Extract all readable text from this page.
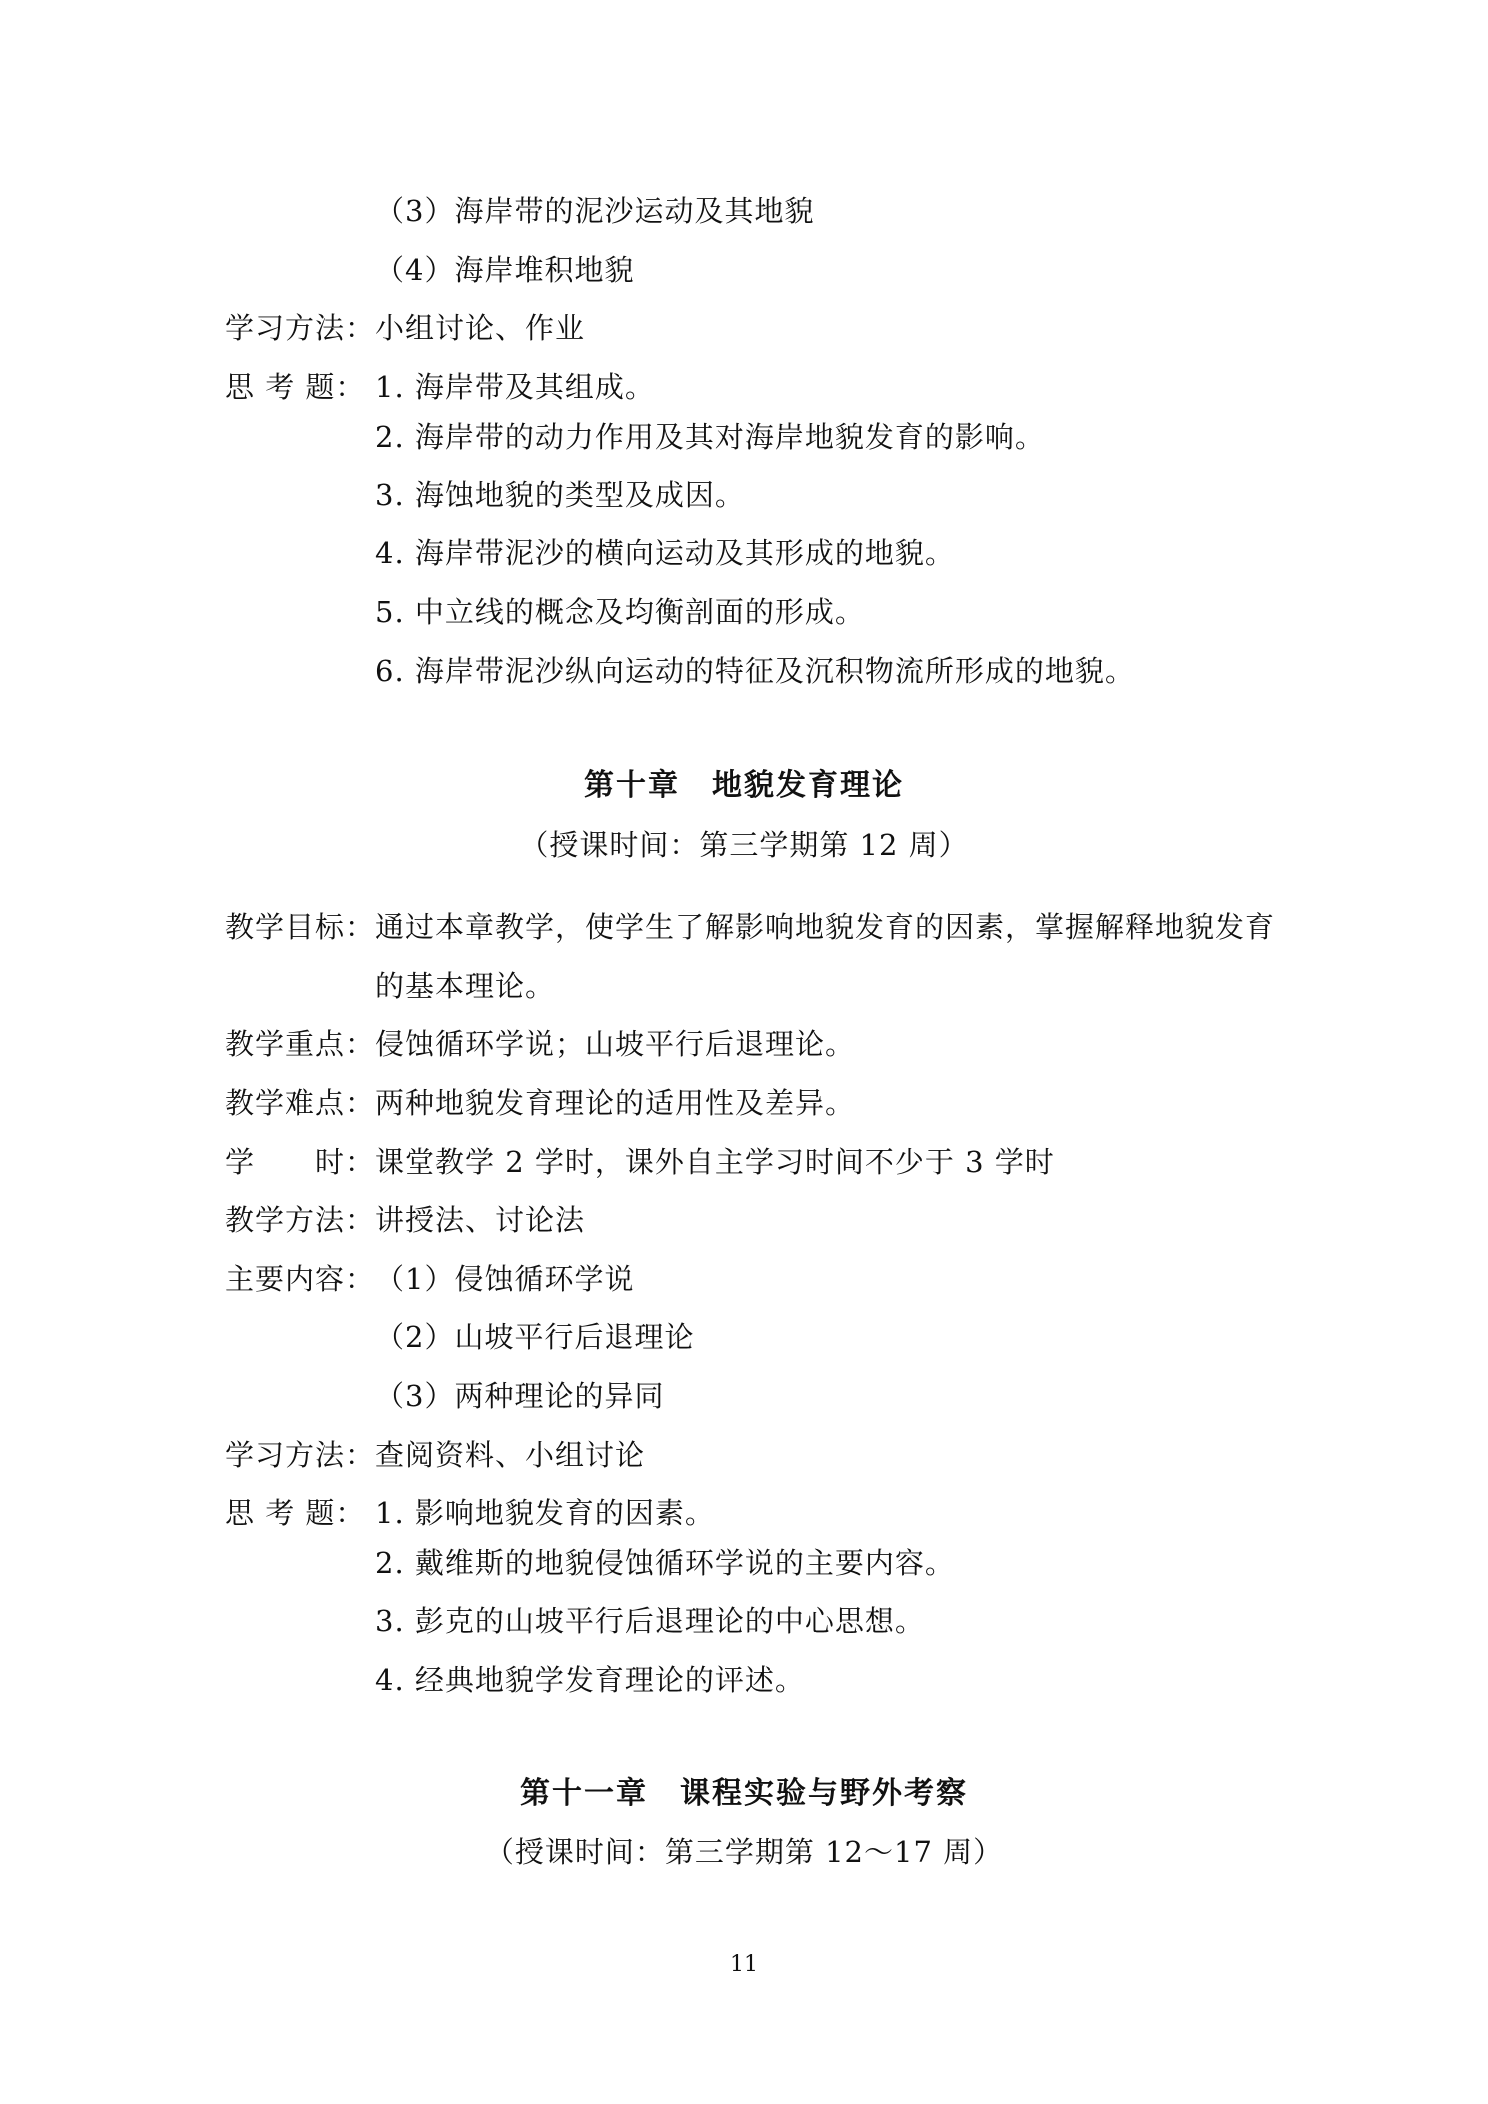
（3）海岸带的泥沙运动及其地貌
（4）海岸堆积地貌
学习方法：小组讨论、作业
思 考 题： 1. 海岸带及其组成。
2. 海岸带的动力作用及其对海岸地貌发育的影响。
3. 海蚀地貌的类型及成因。
4. 海岸带泥沙的横向运动及其形成的地貌。
5. 中立线的概念及均衡剖面的形成。
6. 海岸带泥沙纵向运动的特征及沉积物流所形成的地貌。
第十章　地貌发育理论
（授课时间：第三学期第 12 周）
教学目标：通过本章教学，使学生了解影响地貌发育的因素，掌握解释地貌发育
的基本理论。
教学重点：侵蚀循环学说；山坡平行后退理论。
教学难点：两种地貌发育理论的适用性及差异。
学　　时：课堂教学 2 学时，课外自主学习时间不少于 3 学时
教学方法：讲授法、讨论法
主要内容：（1）侵蚀循环学说
（2）山坡平行后退理论
（3）两种理论的异同
学习方法：查阅资料、小组讨论
思 考 题： 1. 影响地貌发育的因素。
2. 戴维斯的地貌侵蚀循环学说的主要内容。
3. 彭克的山坡平行后退理论的中心思想。
4. 经典地貌学发育理论的评述。
第十一章　课程实验与野外考察
（授课时间：第三学期第 12～17 周）
11
